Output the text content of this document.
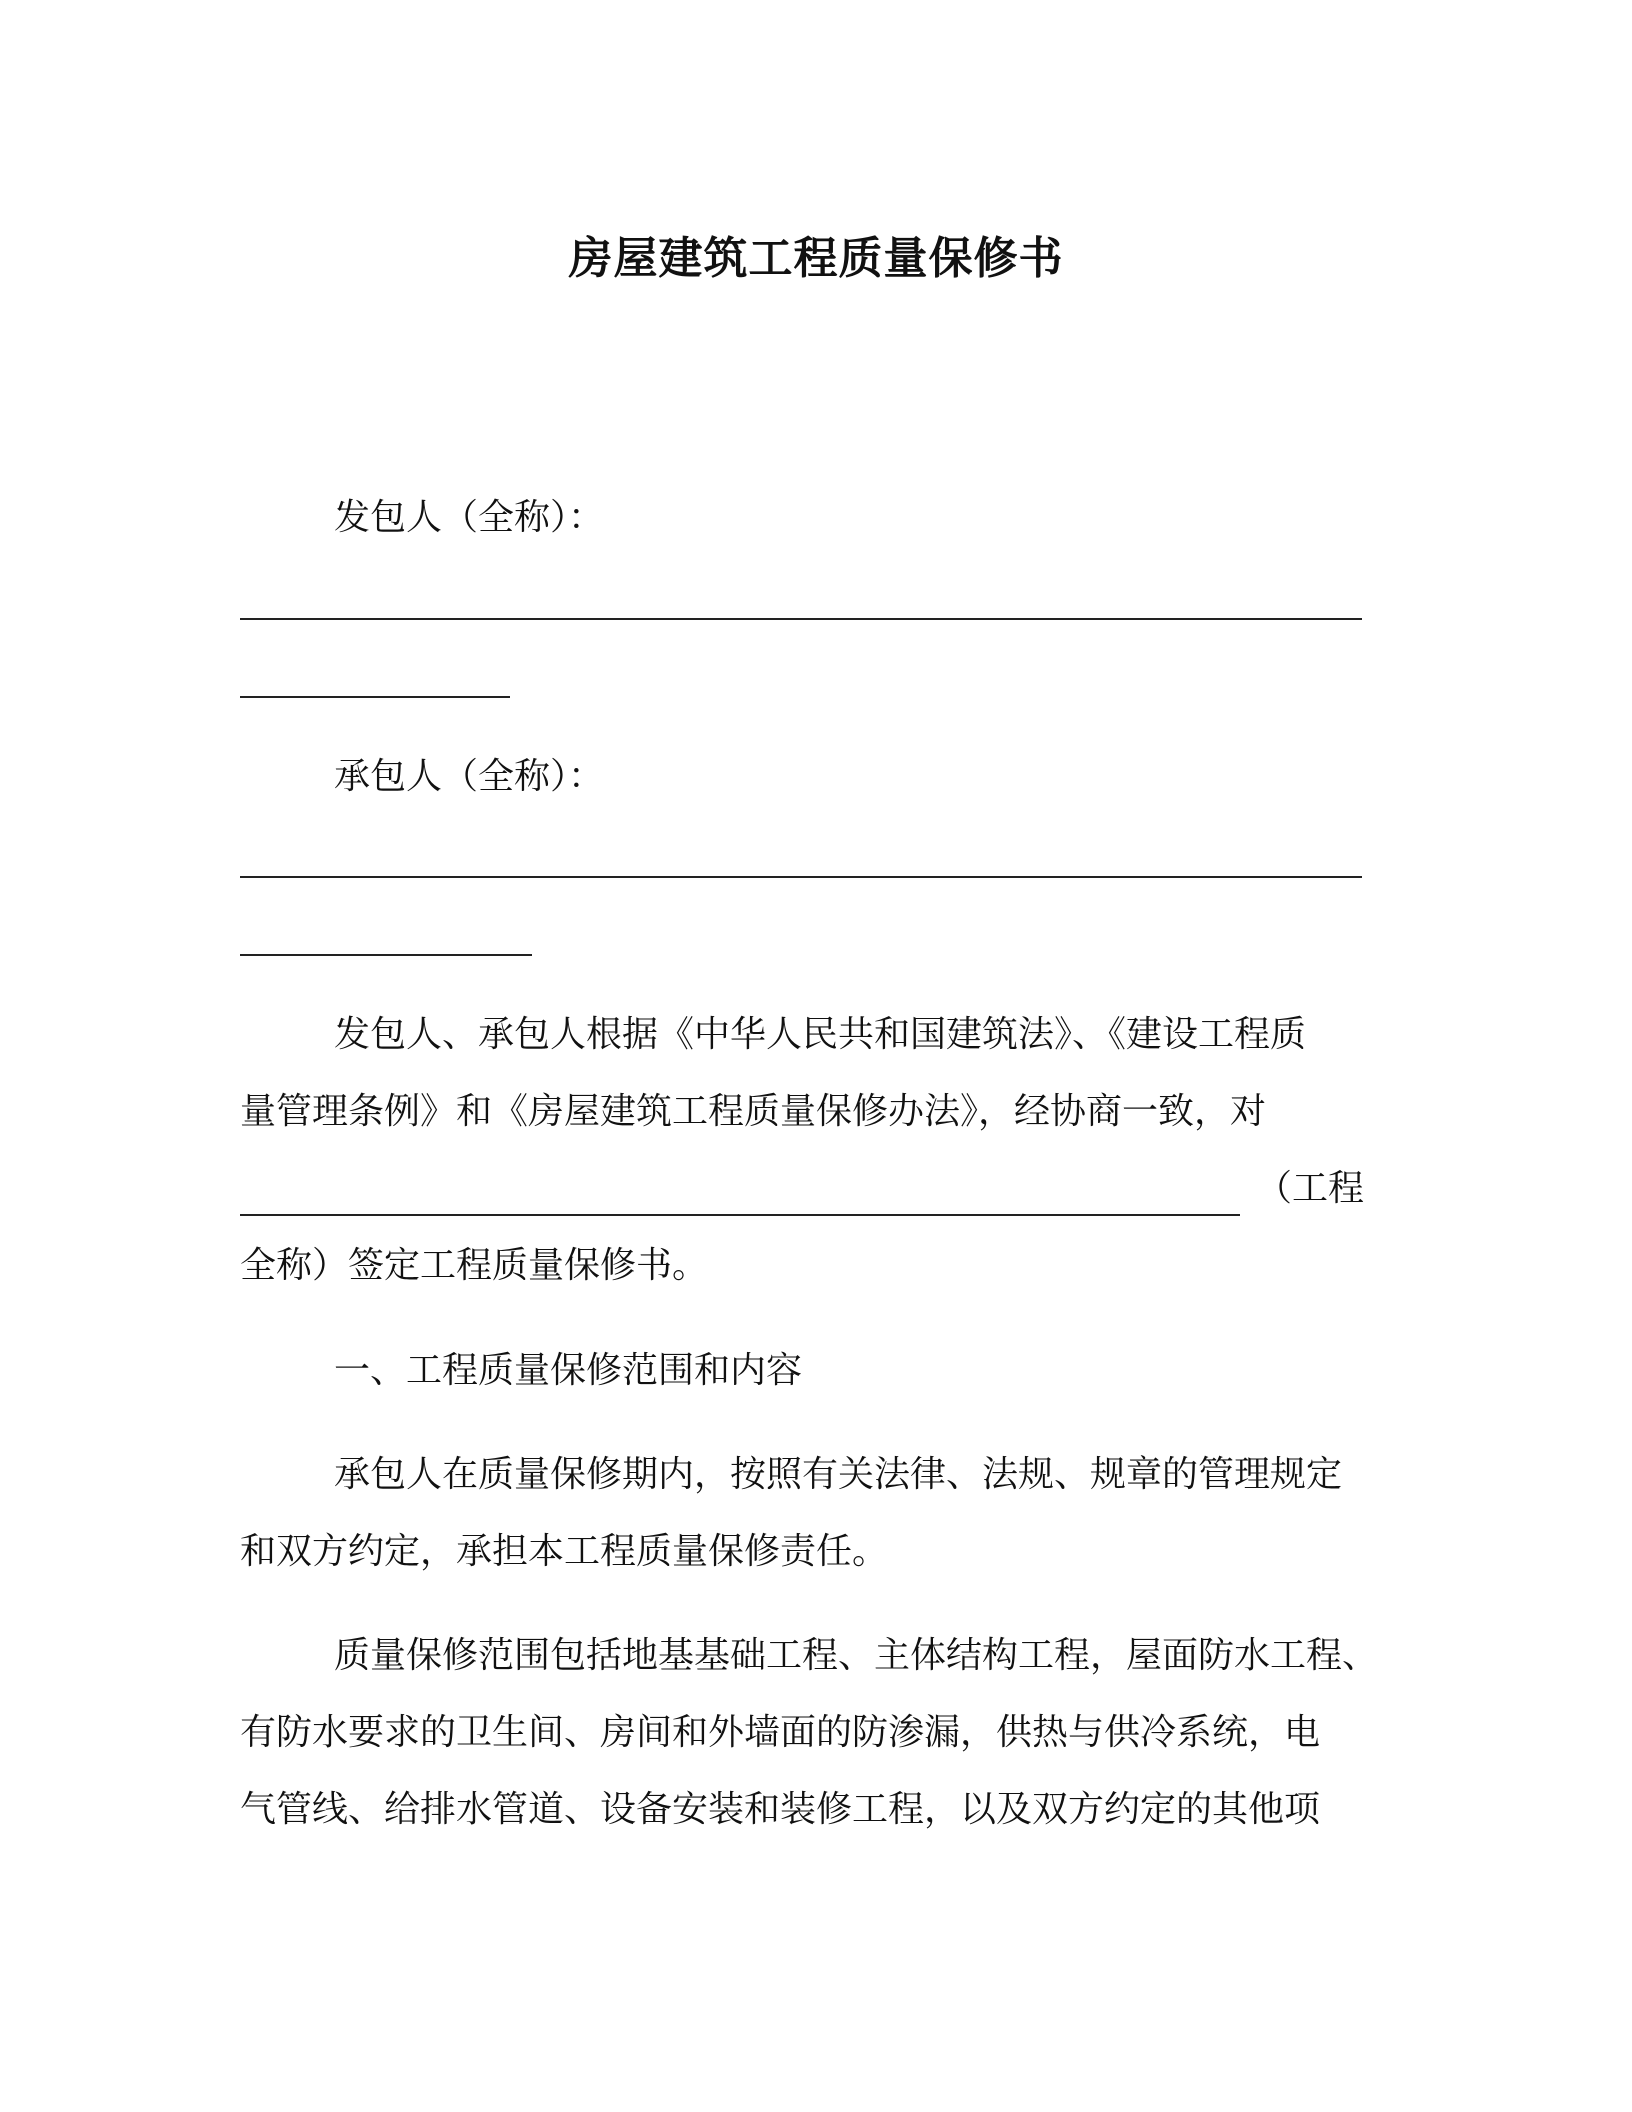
房屋建筑工程质量保修书
发包人（全称）：
承包人（全称）：
发包人、承包人根据《中华人民共和国建筑法》、《建设工程质
量管理条例》和《房屋建筑工程质量保修办法》，经协商一致，对
（工程
全称）签定工程质量保修书。
一、工程质量保修范围和内容
承包人在质量保修期内，按照有关法律、法规、规章的管理规定
和双方约定，承担本工程质量保修责任。
质量保修范围包括地基基础工程、主体结构工程，屋面防水工程、
有防水要求的卫生间、房间和外墙面的防渗漏，供热与供冷系统，电
气管线、给排水管道、设备安装和装修工程，以及双方约定的其他项
